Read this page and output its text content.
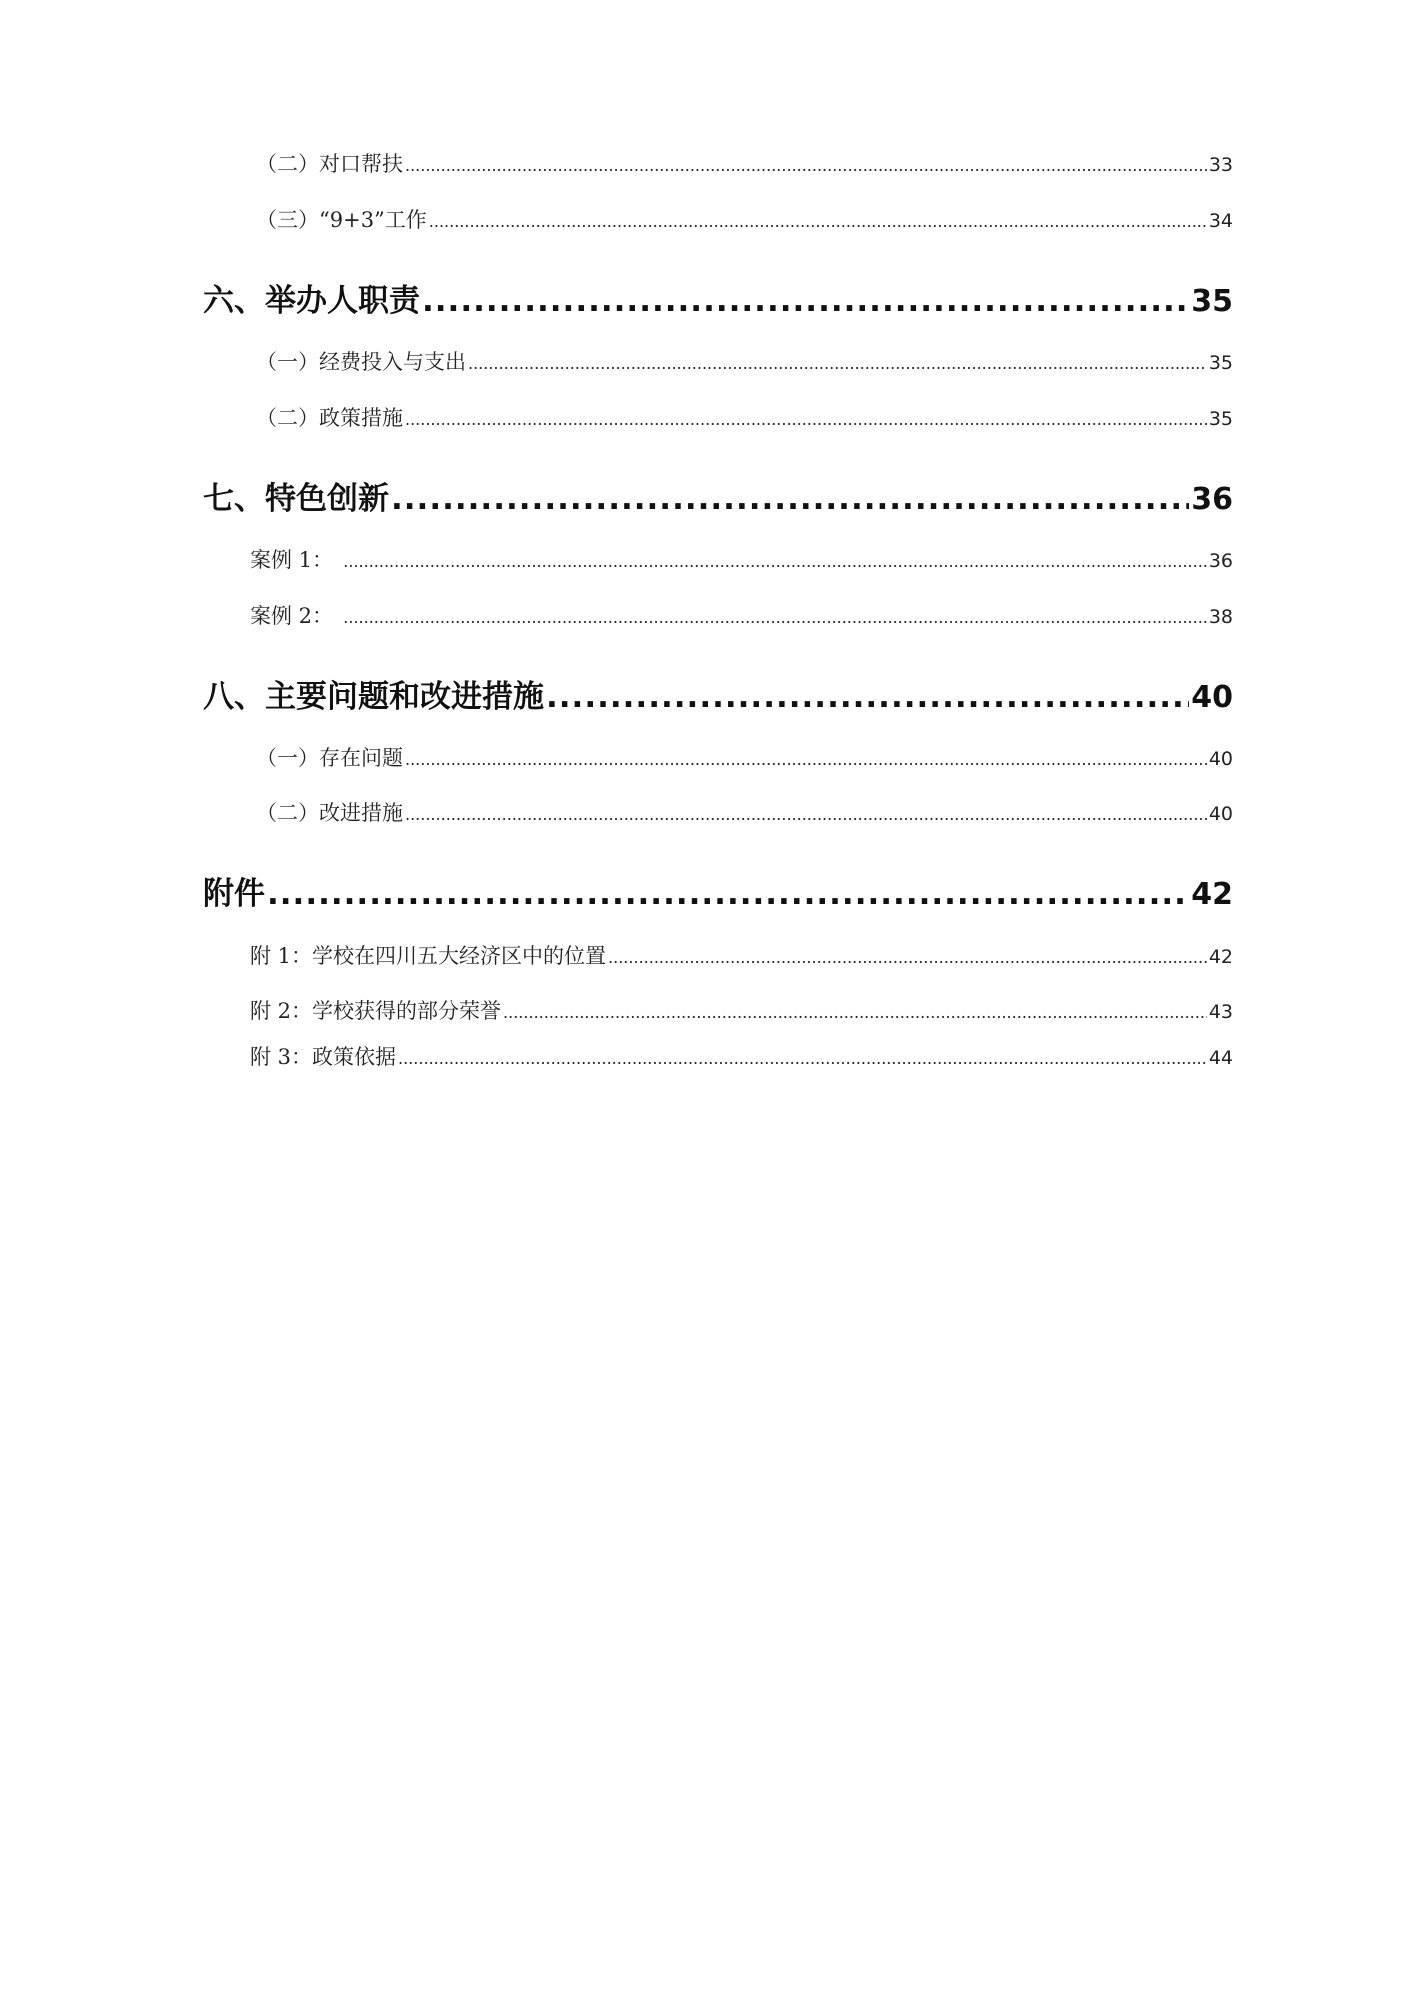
（二）对口帮扶 .....	33
（三）“9+3”工作 .....	34
六、举办人职责 .....	35
（一）经费投入与支出 .....	35
（二）政策措施 .....	35
七、特色创新 .....	36
案例 1： .....	36
案例 2： .....	38
八、主要问题和改进措施 .....	40
（一）存在问题 .....	40
（二）改进措施 .....	40
附件 .....	42
附 1：学校在四川五大经济区中的位置 .....	42
附 2：学校获得的部分荣誉 .....	43
附 3：政策依据 .....	44
